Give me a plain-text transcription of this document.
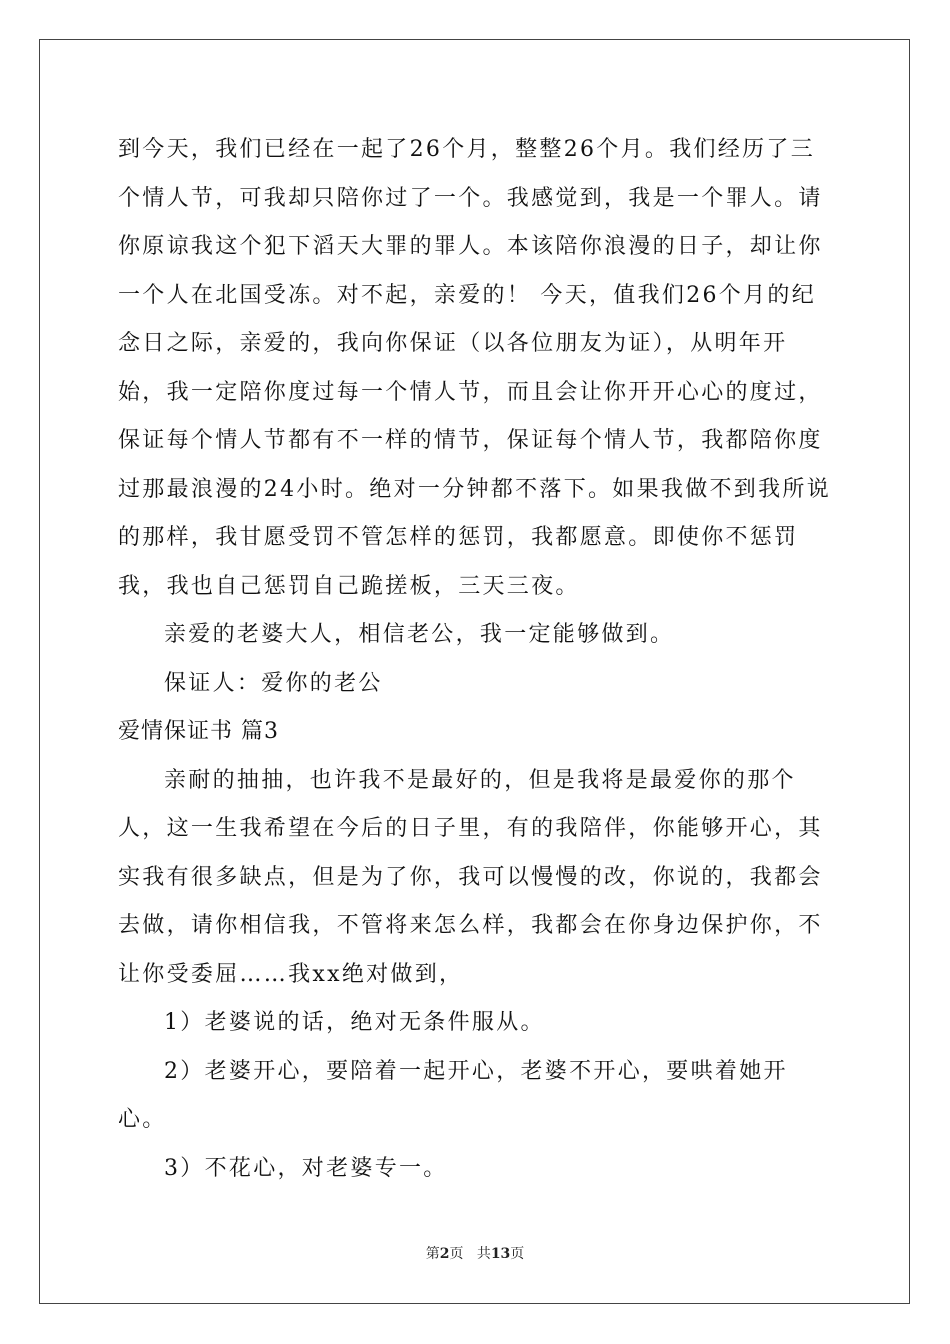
到今天，我们已经在一起了26个月，整整26个月。我们经历了三个情人节，可我却只陪你过了一个。我感觉到，我是一个罪人。请你原谅我这个犯下滔天大罪的罪人。本该陪你浪漫的日子，却让你一个人在北国受冻。对不起，亲爱的！ 今天，值我们26个月的纪念日之际，亲爱的，我向你保证（以各位朋友为证），从明年开始，我一定陪你度过每一个情人节，而且会让你开开心心的度过，保证每个情人节都有不一样的情节，保证每个情人节，我都陪你度过那最浪漫的24小时。绝对一分钟都不落下。如果我做不到我所说的那样，我甘愿受罚不管怎样的惩罚，我都愿意。即使你不惩罚我，我也自己惩罚自己跪搓板，三天三夜。

亲爱的老婆大人，相信老公，我一定能够做到。

保证人：爱你的老公

爱情保证书 篇3

亲耐的抽抽，也许我不是最好的，但是我将是最爱你的那个人，这一生我希望在今后的日子里，有的我陪伴，你能够开心，其实我有很多缺点，但是为了你，我可以慢慢的改，你说的，我都会去做，请你相信我，不管将来怎么样，我都会在你身边保护你，不让你受委屈……我xx绝对做到，

1）老婆说的话，绝对无条件服从。

2）老婆开心，要陪着一起开心，老婆不开心，要哄着她开心。

3）不花心，对老婆专一。

第2页 共13页
